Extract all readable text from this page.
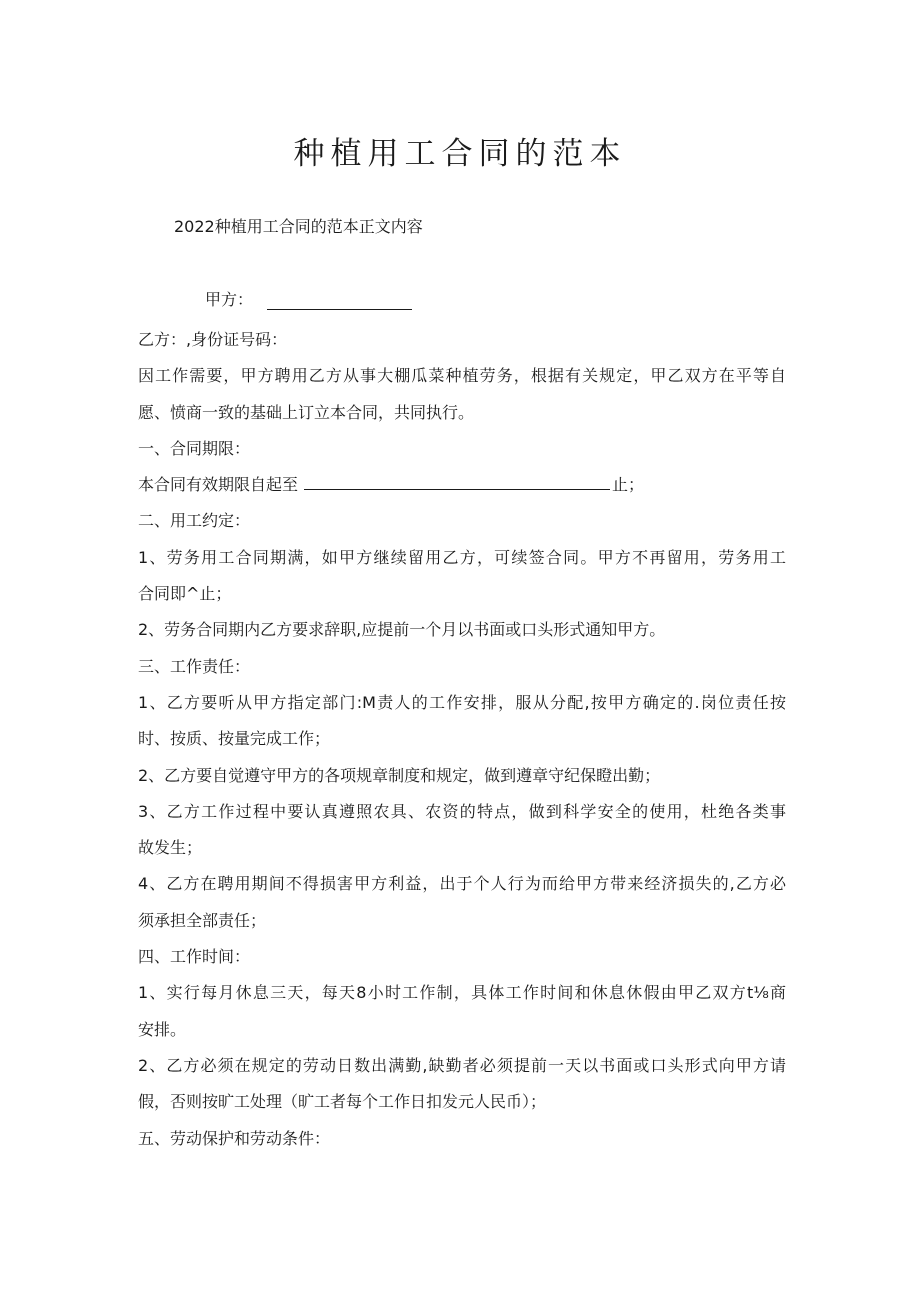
种植用工合同的范本

2022种植用工合同的范本正文内容

甲方：

乙方：,身份证号码：
因工作需要，甲方聘用乙方从事大棚瓜菜种植劳务，根据有关规定，甲乙双方在平等自
愿、愤商一致的基础上订立本合同，共同执行。
一、合同期限：
本合同有效期限自起至	止；
二、用工约定：
1、劳务用工合同期满，如甲方继续留用乙方，可续签合同。甲方不再留用，劳务用工
合同即^止；
2、劳务合同期内乙方要求辞职,应提前一个月以书面或口头形式通知甲方。
三、工作责任：
1、乙方要听从甲方指定部门:M责人的工作安排，服从分配,按甲方确定的.岗位责任按
时、按质、按量完成工作；
2、乙方要自觉遵守甲方的各项规章制度和规定，做到遵章守纪保瞪出勤；
3、乙方工作过程中要认真遵照农具、农资的特点，做到科学安全的使用，杜绝各类事
故发生；
4、乙方在聘用期间不得损害甲方利益，出于个人行为而给甲方带来经济损失的,乙方必
须承担全部责任；
四、工作时间：
1、实行每月休息三天，每天8小时工作制，具体工作时间和休息休假由甲乙双方t⅛商
安排。
2、乙方必须在规定的劳动日数出满勤,缺勤者必须提前一天以书面或口头形式向甲方请
假，否则按旷工处理（旷工者每个工作日扣发元人民币）；
五、劳动保护和劳动条件：
